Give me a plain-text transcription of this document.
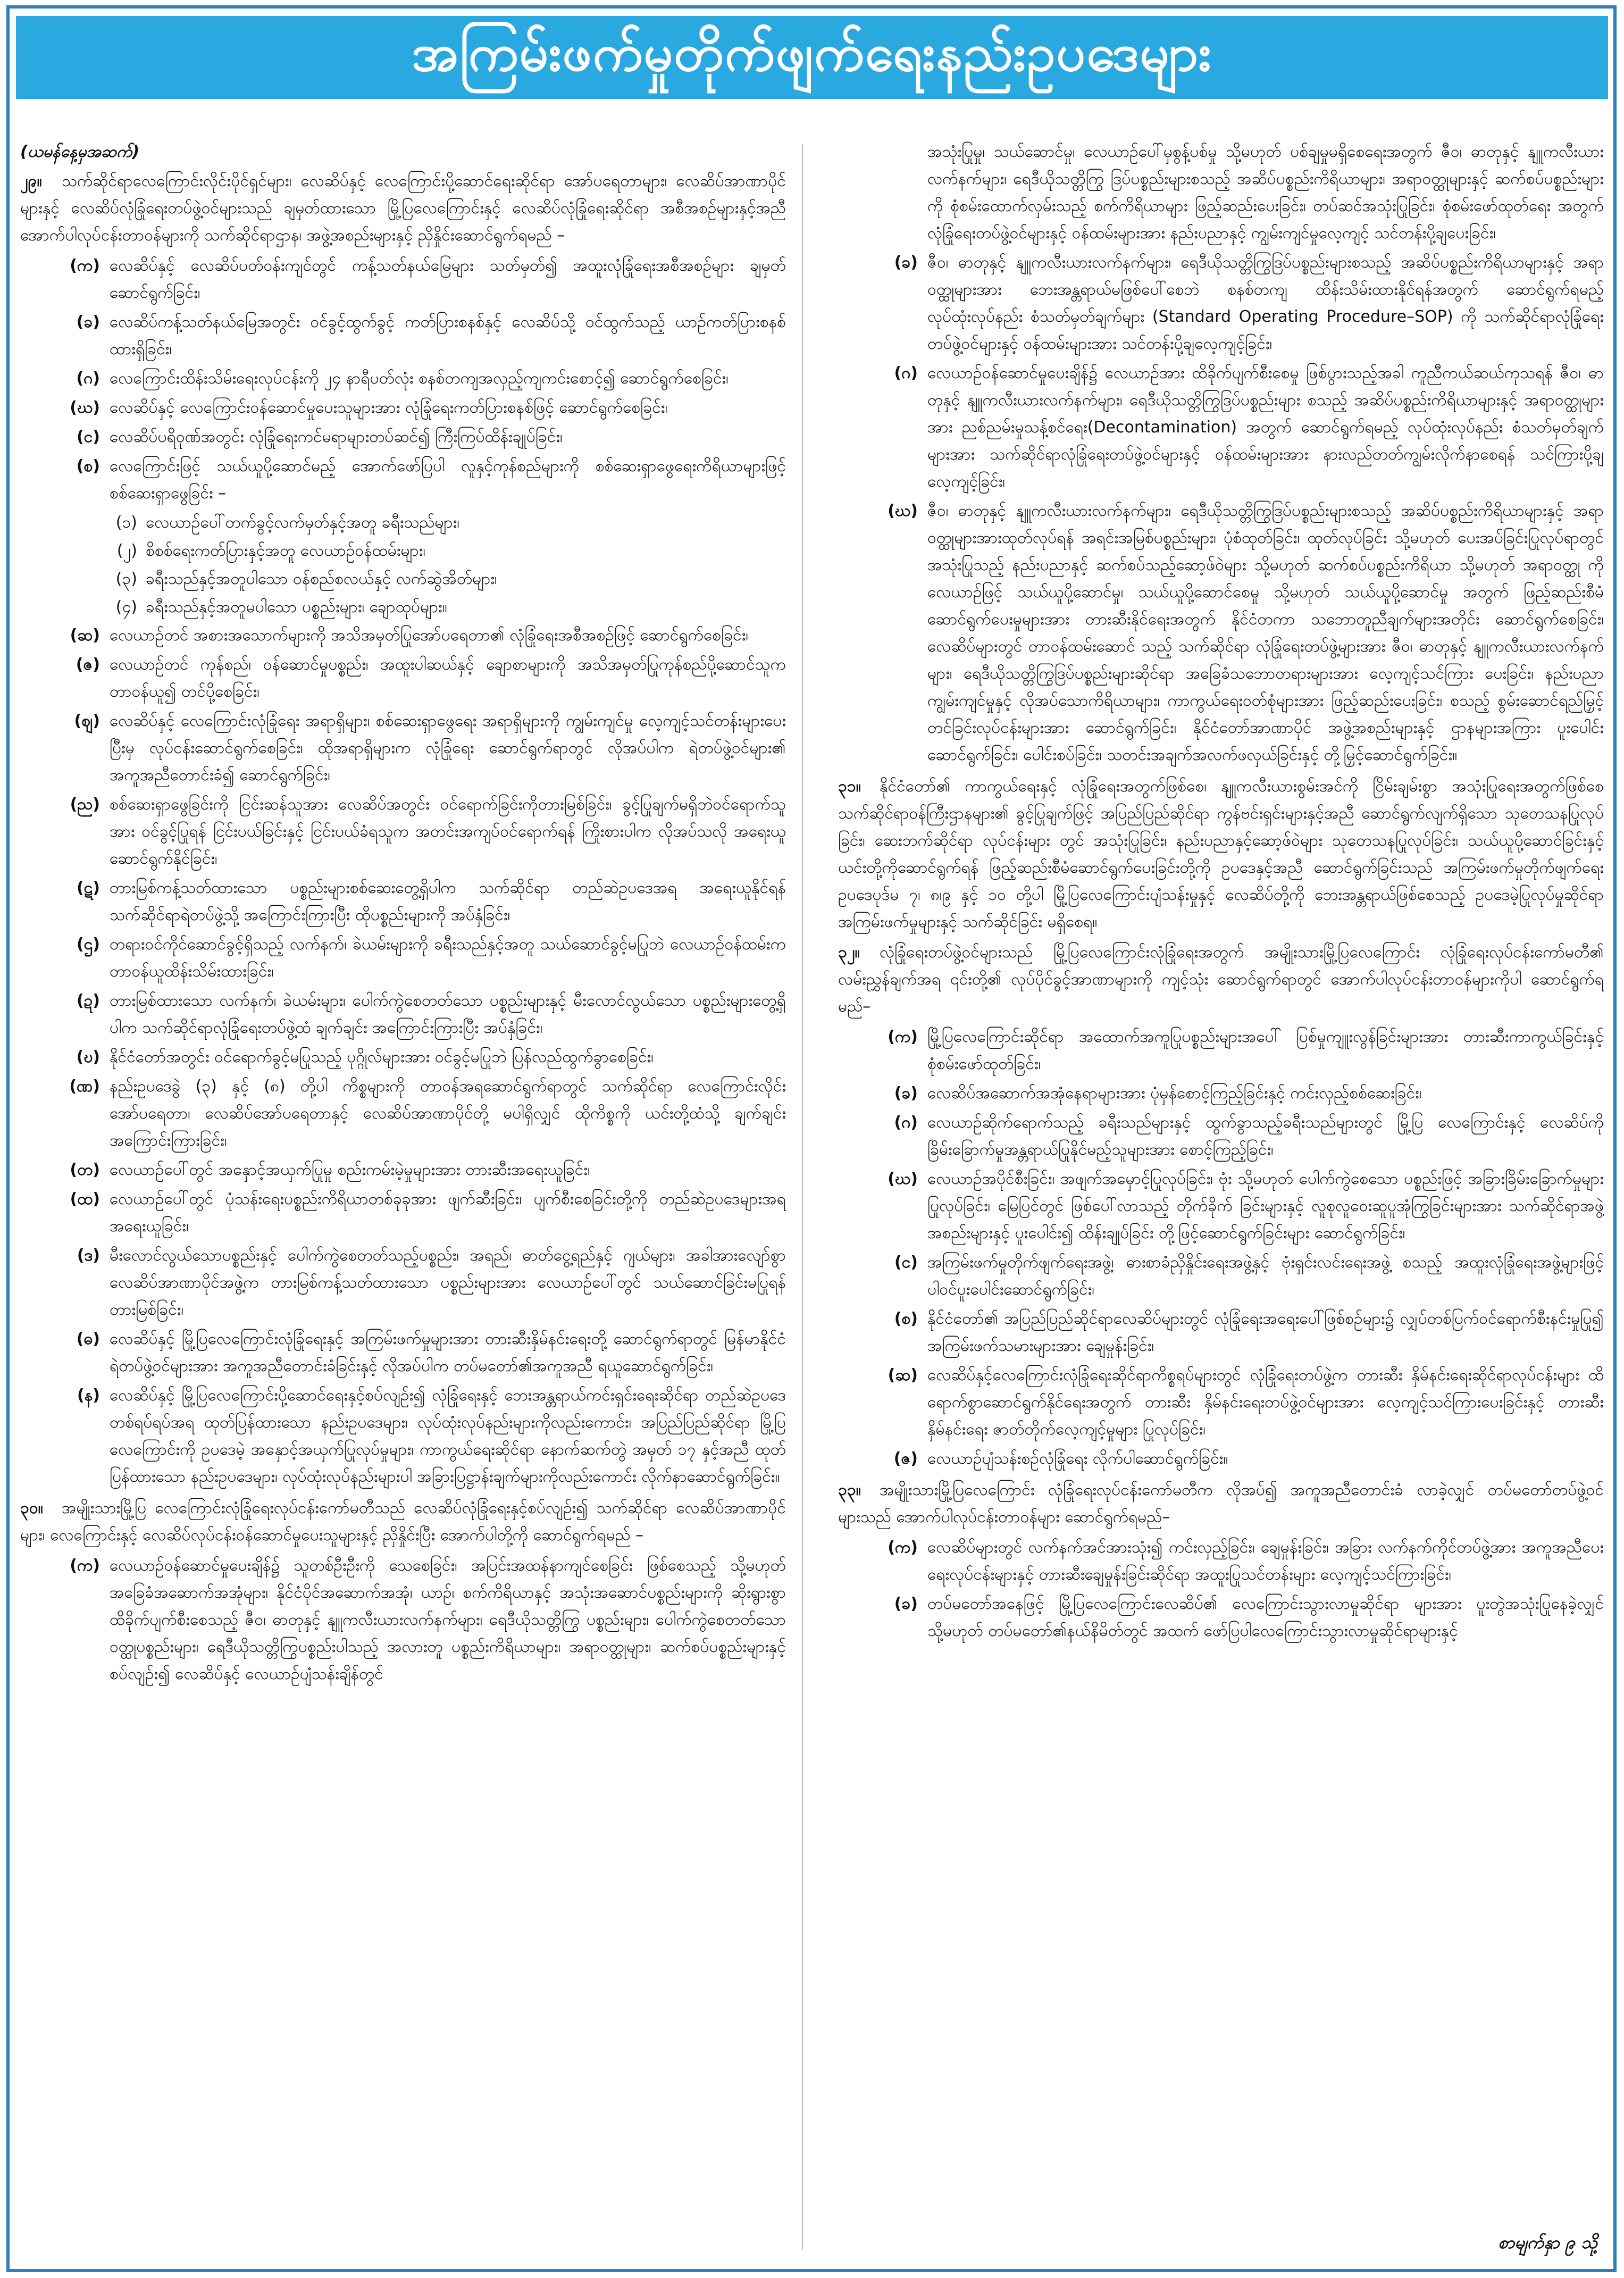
အကြမ်းဖက်မှုတိုက်ဖျက်ရေးနည်းဥပဒေများ
(ယမန်နေ့မှအဆက်)

၂၉။ သက်ဆိုင်ရာလေကြောင်းလိုင်းပိုင်ရှင်များ၊ လေဆိပ်နှင့် လေကြောင်းပို့ဆောင်ရေးဆိုင်ရာ အော်ပရေတာများ၊ လေဆိပ်အာဏာပိုင်များနှင့် လေဆိပ်လုံခြုံရေးတပ်ဖွဲ့ဝင်များသည် ချမှတ်ထားသော မြို့ပြလေကြောင်းနှင့် လေဆိပ်လုံခြုံရေးဆိုင်ရာ အစီအစဉ်များနှင့်အညီ အောက်ပါလုပ်ငန်းတာဝန်များကို သက်ဆိုင်ရာဌာန၊ အဖွဲ့အစည်းများနှင့် ညှိနှိုင်းဆောင်ရွက်ရမည် –

(က) လေဆိပ်နှင့် လေဆိပ်ပတ်ဝန်းကျင်တွင် ကန့်သတ်နယ်မြေများ သတ်မှတ်၍ အထူးလုံခြုံရေးအစီအစဉ်များ ချမှတ်ဆောင်ရွက်ခြင်း၊
(ခ) လေဆိပ်ကန့်သတ်နယ်မြေအတွင်း ဝင်ခွင့်ထွက်ခွင့် ကတ်ပြားစနစ်နှင့် လေဆိပ်သို့ ဝင်ထွက်သည့် ယာဉ်ကတ်ပြားစနစ်ထားရှိခြင်း၊
(ဂ) လေကြောင်းထိန်းသိမ်းရေးလုပ်ငန်းကို ၂၄ နာရီပတ်လုံး စနစ်တကျအလှည့်ကျကင်းစောင့်၍ ဆောင်ရွက်စေခြင်း၊
(ဃ) လေဆိပ်နှင့် လေကြောင်းဝန်ဆောင်မှုပေးသူများအား လုံခြုံရေးကတ်ပြားစနစ်ဖြင့် ဆောင်ရွက်စေခြင်း၊
(င) လေဆိပ်ပရိဝုဏ်အတွင်း လုံခြုံရေးကင်မရာများတပ်ဆင်၍ ကြီးကြပ်ထိန်းချုပ်ခြင်း၊
(စ) လေကြောင်းဖြင့် သယ်ယူပို့ဆောင်မည့် အောက်ဖော်ပြပါ လူနှင့်ကုန်စည်များကို စစ်ဆေးရှာဖွေရေးကိရိယာများဖြင့် စစ်ဆေးရှာဖွေခြင်း –
(၁) လေယာဉ်ပေါ်တက်ခွင့်လက်မှတ်နှင့်အတူ ခရီးသည်များ၊
(၂) စိစစ်ရေးကတ်ပြားနှင့်အတူ လေယာဉ်ဝန်ထမ်းများ၊
(၃) ခရီးသည်နှင့်အတူပါသော ဝန်စည်စလယ်နှင့် လက်ဆွဲအိတ်များ၊
(၄) ခရီးသည်နှင့်အတူမပါသော ပစ္စည်းများ၊ ချောထုပ်များ။
(ဆ) လေယာဉ်တင် အစားအသောက်များကို အသိအမှတ်ပြုအော်ပရေတာ၏ လုံခြုံရေးအစီအစဉ်ဖြင့် ဆောင်ရွက်စေခြင်း၊
(ဇ) လေယာဉ်တင် ကုန်စည်၊ ဝန်ဆောင်မှုပစ္စည်း၊ အထူးပါဆယ်နှင့် ချောစာများကို အသိအမှတ်ပြုကုန်စည်ပို့ဆောင်သူက တာဝန်ယူ၍ တင်ပို့စေခြင်း၊
(ဈ) လေဆိပ်နှင့် လေကြောင်းလုံခြုံရေး အရာရှိများ၊ စစ်ဆေးရှာဖွေရေး အရာရှိများကို ကျွမ်းကျင်မှု လေ့ကျင့်သင်တန်းများပေးပြီးမှ လုပ်ငန်းဆောင်ရွက်စေခြင်း၊ ထိုအရာရှိများက လုံခြုံရေး ဆောင်ရွက်ရာတွင် လိုအပ်ပါက ရဲတပ်ဖွဲ့ဝင်များ၏ အကူအညီတောင်းခံ၍ ဆောင်ရွက်ခြင်း၊
(ည) စစ်ဆေးရှာဖွေခြင်းကို ငြင်းဆန်သူအား လေဆိပ်အတွင်း ဝင်ရောက်ခြင်းကိုတားမြစ်ခြင်း၊ ခွင့်ပြုချက်မရှိဘဲဝင်ရောက်သူအား ဝင်ခွင့်ပြုရန် ငြင်းပယ်ခြင်းနှင့် ငြင်းပယ်ခံရသူက အတင်းအကျပ်ဝင်ရောက်ရန် ကြိုးစားပါက လိုအပ်သလို အရေးယူဆောင်ရွက်နိုင်ခြင်း၊
(ဋ) တားမြစ်ကန့်သတ်ထားသော ပစ္စည်းများစစ်ဆေးတွေ့ရှိပါက သက်ဆိုင်ရာ တည်ဆဲဥပဒေအရ အရေးယူနိုင်ရန် သက်ဆိုင်ရာရဲတပ်ဖွဲ့သို့ အကြောင်းကြားပြီး ထိုပစ္စည်းများကို အပ်နှံခြင်း၊
(ဌ) တရားဝင်ကိုင်ဆောင်ခွင့်ရှိသည့် လက်နက်၊ ခဲယမ်းများကို ခရီးသည်နှင့်အတူ သယ်ဆောင်ခွင့်မပြုဘဲ လေယာဉ်ဝန်ထမ်းက တာဝန်ယူထိန်းသိမ်းထားခြင်း၊
(ဍ) တားမြစ်ထားသော လက်နက်၊ ခဲယမ်းများ၊ ပေါက်ကွဲစေတတ်သော ပစ္စည်းများနှင့် မီးလောင်လွယ်သော ပစ္စည်းများတွေ့ရှိပါက သက်ဆိုင်ရာလုံခြုံရေးတပ်ဖွဲ့ထံ ချက်ချင်း အကြောင်းကြားပြီး အပ်နှံခြင်း၊
(ဎ) နိုင်ငံတော်အတွင်း ဝင်ရောက်ခွင့်မပြုသည့် ပုဂ္ဂိုလ်များအား ဝင်ခွင့်မပြုဘဲ ပြန်လည်ထွက်ခွာစေခြင်း၊
(ဏ) နည်းဥပဒေခွဲ (၃) နှင့် (၈) တို့ပါ ကိစ္စများကို တာဝန်အရဆောင်ရွက်ရာတွင် သက်ဆိုင်ရာ လေကြောင်းလိုင်းအော်ပရေတာ၊ လေဆိပ်အော်ပရေတာနှင့် လေဆိပ်အာဏာပိုင်တို့ မပါရှိလျှင် ထိုကိစ္စကို ယင်းတို့ထံသို့ ချက်ချင်းအကြောင်းကြားခြင်း၊
(တ) လေယာဉ်ပေါ်တွင် အနှောင့်အယှက်ပြုမှု စည်းကမ်းမဲ့မှုများအား တားဆီးအရေးယူခြင်း၊
(ထ) လေယာဉ်ပေါ်တွင် ပုံသန်းရေးပစ္စည်းကိရိယာတစ်ခုခုအား ဖျက်ဆီးခြင်း၊ ပျက်စီးစေခြင်းတို့ကို တည်ဆဲဥပဒေများအရ အရေးယူခြင်း၊
(ဒ) မီးလောင်လွယ်သောပစ္စည်းနှင့် ပေါက်ကွဲစေတတ်သည့်ပစ္စည်း၊ အရည်၊ ဓာတ်ငွေ့ရည်နှင့် ဂျယ်များ၊ အခါအားလျော်စွာ လေဆိပ်အာဏာပိုင်အဖွဲ့က တားမြစ်ကန့်သတ်ထားသော ပစ္စည်းများအား လေယာဉ်ပေါ်တွင် သယ်ဆောင်ခြင်းမပြုရန် တားမြစ်ခြင်း၊
(ဓ) လေဆိပ်နှင့် မြို့ပြလေကြောင်းလုံခြုံရေးနှင့် အကြမ်းဖက်မှုများအား တားဆီးနှိမ်နင်းရေးတို့ ဆောင်ရွက်ရာတွင် မြန်မာနိုင်ငံရဲတပ်ဖွဲ့ဝင်များအား အကူအညီတောင်းခံခြင်းနှင့် လိုအပ်ပါက တပ်မတော်၏အကူအညီ ရယူဆောင်ရွက်ခြင်း၊
(န) လေဆိပ်နှင့် မြို့ပြလေကြောင်းပို့ဆောင်ရေးနှင့်စပ်လျဉ်း၍ လုံခြုံရေးနှင့် ဘေးအန္တရာယ်ကင်းရှင်းရေးဆိုင်ရာ တည်ဆဲဥပဒေတစ်ရပ်ရပ်အရ ထုတ်ပြန်ထားသော နည်းဥပဒေများ၊ လုပ်ထုံးလုပ်နည်းများကိုလည်းကောင်း၊ အပြည်ပြည်ဆိုင်ရာ မြို့ပြလေကြောင်းကို ဥပဒေမဲ့ အနှောင့်အယှက်ပြုလုပ်မှုများ၊ ကာကွယ်ရေးဆိုင်ရာ နောက်ဆက်တွဲ အမှတ် ၁၇ နှင့်အညီ ထုတ်ပြန်ထားသော နည်းဥပဒေများ၊ လုပ်ထုံးလုပ်နည်းများပါ အခြားပြဋ္ဌာန်းချက်များကိုလည်းကောင်း လိုက်နာဆောင်ရွက်ခြင်း။

၃၀။ အမျိုးသားမြို့ပြ လေကြောင်းလုံခြုံရေးလုပ်ငန်းကော်မတီသည် လေဆိပ်လုံခြုံရေးနှင့်စပ်လျဉ်း၍ သက်ဆိုင်ရာ လေဆိပ်အာဏာပိုင်များ၊ လေကြောင်းနှင့် လေဆိပ်လုပ်ငန်းဝန်ဆောင်မှုပေးသူများနှင့် ညှိနှိုင်းပြီး အောက်ပါတို့ကို ဆောင်ရွက်ရမည် –

(က) လေယာဉ်ဝန်ဆောင်မှုပေးချိန်၌ သူတစ်ဦးဦးကို သေစေခြင်း၊ အပြင်းအထန်နာကျင်စေခြင်း ဖြစ်စေသည့် သို့မဟုတ် အခြေခံအဆောက်အအုံများ၊ နိုင်ငံပိုင်အဆောက်အအုံ၊ ယာဉ်၊ စက်ကိရိယာနှင့် အသုံးအဆောင်ပစ္စည်းများကို ဆိုးရွားစွာထိခိုက်ပျက်စီးစေသည့် ဇီဝ၊ ဓာတုနှင့် နျူကလီးယားလက်နက်များ၊ ရေဒီယိုသတ္တိကြွ ပစ္စည်းများ၊ ပေါက်ကွဲစေတတ်သော ဝတ္ထုပစ္စည်းများ၊ ရေဒီယိုသတ္တိကြွပစ္စည်းပါသည့် အလားတူ ပစ္စည်းကိရိယာများ၊ အရာဝတ္ထုများ၊ ဆက်စပ်ပစ္စည်းများနှင့်စပ်လျဉ်း၍ လေဆိပ်နှင့် လေယာဉ်ပျံသန်းချိန်တွင်
အသုံးပြုမှု၊ သယ်ဆောင်မှု၊ လေယာဉ်ပေါ်မှစွန့်ပစ်မှု သို့မဟုတ် ပစ်ချမှုမရှိစေရေးအတွက် ဇီဝ၊ ဓာတုနှင့် နျူကလီးယားလက်နက်များ၊ ရေဒီယိုသတ္တိကြွ ဒြပ်ပစ္စည်းများစသည့် အဆိပ်ပစ္စည်းကိရိယာများ၊ အရာဝတ္ထုများနှင့် ဆက်စပ်ပစ္စည်းများကို စုံစမ်းထောက်လှမ်းသည့် စက်ကိရိယာများ ဖြည့်ဆည်းပေးခြင်း၊ တပ်ဆင်အသုံးပြုခြင်း၊ စုံစမ်းဖော်ထုတ်ရေး အတွက် လုံခြုံရေးတပ်ဖွဲ့ဝင်များနှင့် ဝန်ထမ်းများအား နည်းပညာနှင့် ကျွမ်းကျင်မှုလေ့ကျင့် သင်တန်းပို့ချပေးခြင်း၊
(ခ) ဇီဝ၊ ဓာတုနှင့် နျူကလီးယားလက်နက်များ၊ ရေဒီယိုသတ္တိကြွဒြပ်ပစ္စည်းများစသည့် အဆိပ်ပစ္စည်းကိရိယာများနှင့် အရာဝတ္ထုများအား ဘေးအန္တရာယ်မဖြစ်ပေါ်စေဘဲ စနစ်တကျ ထိန်းသိမ်းထားနိုင်ရန်အတွက် ဆောင်ရွက်ရမည့် လုပ်ထုံးလုပ်နည်း စံသတ်မှတ်ချက်များ (Standard Operating Procedure–SOP) ကို သက်ဆိုင်ရာလုံခြုံရေးတပ်ဖွဲ့ဝင်များနှင့် ဝန်ထမ်းများအား သင်တန်းပို့ချလေ့ကျင့်ခြင်း၊
(ဂ) လေယာဉ်ဝန်ဆောင်မှုပေးချိန်၌ လေယာဉ်အား ထိခိုက်ပျက်စီးစေမှု ဖြစ်ပွားသည့်အခါ ကူညီကယ်ဆယ်ကုသရန် ဇီဝ၊ ဓာတုနှင့် နျူကလီးယားလက်နက်များ၊ ရေဒီယိုသတ္တိကြွဒြပ်ပစ္စည်းများ စသည့် အဆိပ်ပစ္စည်းကိရိယာများနှင့် အရာဝတ္ထုများအား ညစ်ညမ်းမှုသန့်စင်ရေး(Decontamination) အတွက် ဆောင်ရွက်ရမည့် လုပ်ထုံးလုပ်နည်း စံသတ်မှတ်ချက်များအား သက်ဆိုင်ရာလုံခြုံရေးတပ်ဖွဲ့ဝင်များနှင့် ဝန်ထမ်းများအား နားလည်တတ်ကျွမ်းလိုက်နာစေရန် သင်ကြားပို့ချလေ့ကျင့်ခြင်း၊
(ဃ) ဇီဝ၊ ဓာတုနှင့် နျူကလီးယားလက်နက်များ၊ ရေဒီယိုသတ္တိကြွဒြပ်ပစ္စည်းများစသည့် အဆိပ်ပစ္စည်းကိရိယာများနှင့် အရာဝတ္ထုများအားထုတ်လုပ်ရန် အရင်းအမြစ်ပစ္စည်းများ၊ ပုံစံထုတ်ခြင်း၊ ထုတ်လုပ်ခြင်း သို့မဟုတ် ပေးအပ်ခြင်းပြုလုပ်ရာတွင် အသုံးပြုသည့် နည်းပညာနှင့် ဆက်စပ်သည့်ဆော့ဖ်ဝဲများ သို့မဟုတ် ဆက်စပ်ပစ္စည်းကိရိယာ သို့မဟုတ် အရာဝတ္ထု ကို လေယာဉ်ဖြင့် သယ်ယူပို့ဆောင်မှု၊ သယ်ယူပို့ဆောင်စေမှု သို့မဟုတ် သယ်ယူပို့ဆောင်မှု အတွက် ဖြည့်ဆည်းစီမံဆောင်ရွက်ပေးမှုများအား တားဆီးနိုင်ရေးအတွက် နိုင်ငံတကာ သဘောတူညီချက်များအတိုင်း ဆောင်ရွက်စေခြင်း၊ လေဆိပ်များတွင် တာဝန်ထမ်းဆောင် သည့် သက်ဆိုင်ရာ လုံခြုံရေးတပ်ဖွဲ့များအား ဇီဝ၊ ဓာတုနှင့် နျူကလီးယားလက်နက်များ၊ ရေဒီယိုသတ္တိကြွဒြပ်ပစ္စည်းများဆိုင်ရာ အခြေခံသဘောတရားများအား လေ့ကျင့်သင်ကြား ပေးခြင်း၊ နည်းပညာကျွမ်းကျင်မှုနှင့် လိုအပ်သောကိရိယာများ၊ ကာကွယ်ရေးဝတ်စုံများအား ဖြည့်ဆည်းပေးခြင်း၊ စသည့် စွမ်းဆောင်ရည်မြှင့်တင်ခြင်းလုပ်ငန်းများအား ဆောင်ရွက်ခြင်း၊ နိုင်ငံတော်အာဏာပိုင် အဖွဲ့အစည်းများနှင့် ဌာနများအကြား ပူးပေါင်းဆောင်ရွက်ခြင်း၊ ပေါင်းစပ်ခြင်း၊ သတင်းအချက်အလက်ဖလှယ်ခြင်းနှင့် တို့မြှင့်ဆောင်ရွက်ခြင်း။

၃၁။ နိုင်ငံတော်၏ ကာကွယ်ရေးနှင့် လုံခြုံရေးအတွက်ဖြစ်စေ၊ နျူကလီးယားစွမ်းအင်ကို ငြိမ်းချမ်းစွာ အသုံးပြုရေးအတွက်ဖြစ်စေ သက်ဆိုင်ရာဝန်ကြီးဌာနများ၏ ခွင့်ပြုချက်ဖြင့် အပြည်ပြည်ဆိုင်ရာ ကွန်ဗင်းရှင်းများနှင့်အညီ ဆောင်ရွက်လျက်ရှိသော သုတေသနပြုလုပ်ခြင်း၊ ဆေးဘက်ဆိုင်ရာ လုပ်ငန်းများ တွင် အသုံးပြုခြင်း၊ နည်းပညာနှင့်ဆော့ဖ်ဝဲများ သုတေသနပြုလုပ်ခြင်း၊ သယ်ယူပို့ဆောင်ခြင်းနှင့် ယင်းတို့ကိုဆောင်ရွက်ရန် ဖြည့်ဆည်းစီမံဆောင်ရွက်ပေးခြင်းတို့ကို ဥပဒေနှင့်အညီ ဆောင်ရွက်ခြင်းသည် အကြမ်းဖက်မှုတိုက်ဖျက်ရေးဥပဒေပုဒ်မ ၇၊ ၈၊၉ နှင့် ၁၀ တို့ပါ မြို့ပြလေကြောင်းပျံသန်းမှုနှင့် လေဆိပ်တို့ကို ဘေးအန္တရာယ်ဖြစ်စေသည့် ဥပဒေမဲ့ပြုလုပ်မှုဆိုင်ရာ အကြမ်းဖက်မှုများနှင့် သက်ဆိုင်ခြင်း မရှိစေရ။

၃၂။ လုံခြုံရေးတပ်ဖွဲ့ဝင်များသည် မြို့ပြလေကြောင်းလုံခြုံရေးအတွက် အမျိုးသားမြို့ပြလေကြောင်း လုံခြုံရေးလုပ်ငန်းကော်မတီ၏ လမ်းညွှန်ချက်အရ ၎င်းတို့၏ လုပ်ပိုင်ခွင့်အာဏာများကို ကျင့်သုံး ဆောင်ရွက်ရာတွင် အောက်ပါလုပ်ငန်းတာဝန်များကိုပါ ဆောင်ရွက်ရမည်–

(က) မြို့ပြလေကြောင်းဆိုင်ရာ အထောက်အကူပြုပစ္စည်းများအပေါ် ပြစ်မှုကျူးလွန်ခြင်းများအား တားဆီးကာကွယ်ခြင်းနှင့် စုံစမ်းဖော်ထုတ်ခြင်း၊
(ခ) လေဆိပ်အဆောက်အအုံနေရာများအား ပုံမှန်စောင့်ကြည့်ခြင်းနှင့် ကင်းလှည့်စစ်ဆေးခြင်း၊
(ဂ) လေယာဉ်ဆိုက်ရောက်သည့် ခရီးသည်များနှင့် ထွက်ခွာသည့်ခရီးသည်များတွင် မြို့ပြ လေကြောင်းနှင့် လေဆိပ်ကို ခြိမ်းခြောက်မှုအန္တရာယ်ပြုနိုင်မည့်သူများအား စောင့်ကြည့်ခြင်း၊
(ဃ) လေယာဉ်အပိုင်စီးခြင်း၊ အဖျက်အမှောင့်ပြုလုပ်ခြင်း၊ ဗုံး သို့မဟုတ် ပေါက်ကွဲစေသော ပစ္စည်းဖြင့် အခြားခြိမ်းခြောက်မှုများပြုလုပ်ခြင်း၊ မြေပြင်တွင် ဖြစ်ပေါ်လာသည့် တိုက်ခိုက် ခြင်းများနှင့် လူစုလူဝေးဆူပူအုံကြွခြင်းများအား သက်ဆိုင်ရာအဖွဲ့အစည်းများနှင့် ပူးပေါင်း၍ ထိန်းချုပ်ခြင်း တို့ဖြင့်ဆောင်ရွက်ခြင်းများ ဆောင်ရွက်ခြင်း၊
(င) အကြမ်းဖက်မှုတိုက်ဖျက်ရေးအဖွဲ့၊ ဓားစာခံညှိနှိုင်းရေးအဖွဲ့နှင့် ဗုံးရှင်းလင်းရေးအဖွဲ့ စသည့် အထူးလုံခြုံရေးအဖွဲ့များဖြင့် ပါဝင်ပူးပေါင်းဆောင်ရွက်ခြင်း၊
(စ) နိုင်ငံတော်၏ အပြည်ပြည်ဆိုင်ရာလေဆိပ်များတွင် လုံခြုံရေးအရေးပေါ်ဖြစ်စဉ်များ၌ လျှပ်တစ်ပြက်ဝင်ရောက်စီးနင်းမှုပြု၍ အကြမ်းဖက်သမားများအား ချေမှုန်းခြင်း၊
(ဆ) လေဆိပ်နှင့်လေကြောင်းလုံခြုံရေးဆိုင်ရာကိစ္စရပ်များတွင် လုံခြုံရေးတပ်ဖွဲ့က တားဆီး နှိမ်နင်းရေးဆိုင်ရာလုပ်ငန်းများ ထိရောက်စွာဆောင်ရွက်နိုင်ရေးအတွက် တားဆီး နှိမ်နင်းရေးတပ်ဖွဲ့ဝင်များအား လေ့ကျင့်သင်ကြားပေးခြင်းနှင့် တားဆီးနှိမ်နင်းရေး ဇာတ်တိုက်လေ့ကျင့်မှုများ ပြုလုပ်ခြင်း၊
(ဇ) လေယာဉ်ပျံသန်းစဉ်လုံခြုံရေး လိုက်ပါဆောင်ရွက်ခြင်း။

၃၃။ အမျိုးသားမြို့ပြလေကြောင်း လုံခြုံရေးလုပ်ငန်းကော်မတီက လိုအပ်၍ အကူအညီတောင်းခံ လာခဲ့လျှင် တပ်မတော်တပ်ဖွဲ့ဝင်များသည် အောက်ပါလုပ်ငန်းတာဝန်များ ဆောင်ရွက်ရမည်–

(က) လေဆိပ်များတွင် လက်နက်အင်အားသုံး၍ ကင်းလှည့်ခြင်း၊ ချေမှုန်းခြင်း၊ အခြား လက်နက်ကိုင်တပ်ဖွဲ့အား အကူအညီပေးရေးလုပ်ငန်းများနှင့် တားဆီးချေမှုန်းခြင်းဆိုင်ရာ အထူးပြုသင်တန်းများ လေ့ကျင့်သင်ကြားခြင်း၊
(ခ) တပ်မတော်အနေဖြင့် မြို့ပြလေကြောင်းလေဆိပ်၏ လေကြောင်းသွားလာမှုဆိုင်ရာ များအား ပူးတွဲအသုံးပြုနေခဲ့လျှင် သို့မဟုတ် တပ်မတော်၏နယ်နိမိတ်တွင် အထက် ဖော်ပြပါလေကြောင်းသွားလာမှုဆိုင်ရာများနှင့်
စာမျက်နှာ ၉ သို့
